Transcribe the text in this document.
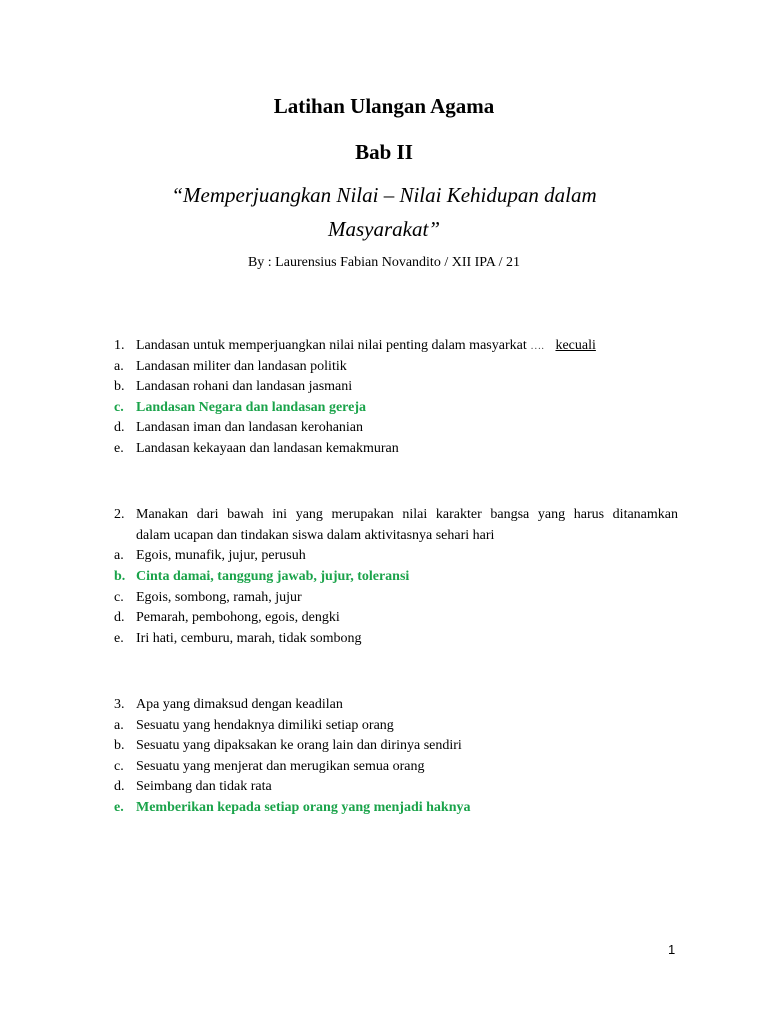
Latihan Ulangan Agama
Bab II
“Memperjuangkan Nilai – Nilai Kehidupan dalam
Masyarakat”
By : Laurensius Fabian Novandito / XII IPA / 21
1. Landasan untuk memperjuangkan nilai nilai penting dalam masyarkat …. kecuali
a. Landasan militer dan landasan politik
b. Landasan rohani dan landasan jasmani
c. Landasan Negara dan landasan gereja
d. Landasan iman dan landasan kerohanian
e. Landasan kekayaan dan landasan kemakmuran
2. Manakan dari bawah ini yang merupakan nilai karakter bangsa yang harus ditanamkan
dalam ucapan dan tindakan siswa dalam aktivitasnya sehari hari
a. Egois, munafik, jujur, perusuh
b. Cinta damai, tanggung jawab, jujur, toleransi
c. Egois, sombong, ramah, jujur
d. Pemarah, pembohong, egois, dengki
e. Iri hati, cemburu, marah, tidak sombong
3. Apa yang dimaksud dengan keadilan
a. Sesuatu yang hendaknya dimiliki setiap orang
b. Sesuatu yang dipaksakan ke orang lain dan dirinya sendiri
c. Sesuatu yang menjerat dan merugikan semua orang
d. Seimbang dan tidak rata
e. Memberikan kepada setiap orang yang menjadi haknya
1
